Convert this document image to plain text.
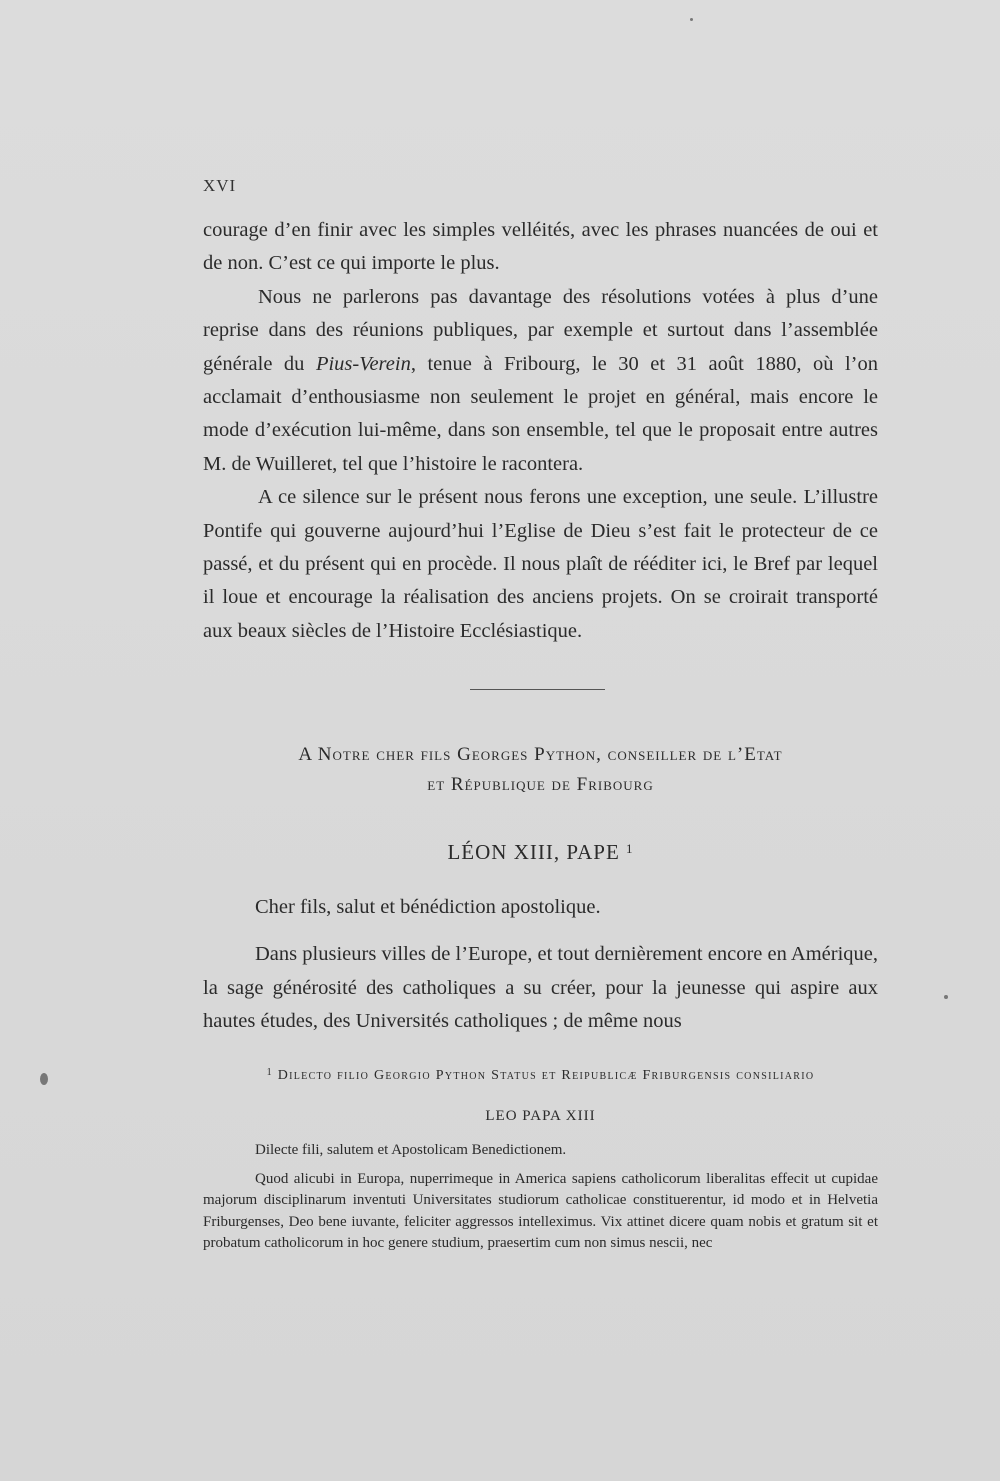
XVI

courage d’en finir avec les simples velléités, avec les phrases nuancées de oui et de non. C’est ce qui importe le plus.

Nous ne parlerons pas davantage des résolutions votées à plus d’une reprise dans des réunions publiques, par exemple et surtout dans l’assemblée générale du Pius-Verein, tenue à Fribourg, le 30 et 31 août 1880, où l’on acclamait d’enthousiasme non seulement le projet en général, mais encore le mode d’exécution lui-même, dans son ensemble, tel que le proposait entre autres M. de Wuilleret, tel que l’histoire le racontera.

A ce silence sur le présent nous ferons une exception, une seule. L’illustre Pontife qui gouverne aujourd’hui l’Eglise de Dieu s’est fait le protecteur de ce passé, et du présent qui en procède. Il nous plaît de rééditer ici, le Bref par lequel il loue et encourage la réalisation des anciens projets. On se croirait transporté aux beaux siècles de l’Histoire Ecclésiastique.

A Notre cher fils Georges Python, conseiller de l’Etat
et République de Fribourg
LÉON XIII, PAPE $^1$

Cher fils, salut et bénédiction apostolique.

Dans plusieurs villes de l’Europe, et tout dernièrement encore en Amérique, la sage générosité des catholiques a su créer, pour la jeunesse qui aspire aux hautes études, des Universités catholiques ; de même nous

$^1$ Dilecto filio Georgio Python Status et Reipublicæ Friburgensis consiliario
LEO PAPA XIII

Dilecte fili, salutem et Apostolicam Benedictionem.

Quod alicubi in Europa, nuperrimeque in America sapiens catholicorum liberalitas effecit ut cupidae majorum disciplinarum inventuti Universitates studiorum catholicae constituerentur, id modo et in Helvetia Friburgenses, Deo bene iuvante, feliciter aggressos intelleximus. Vix attinet dicere quam nobis et gratum sit et probatum catholicorum in hoc genere studium, praesertim cum non simus nescii, nec
